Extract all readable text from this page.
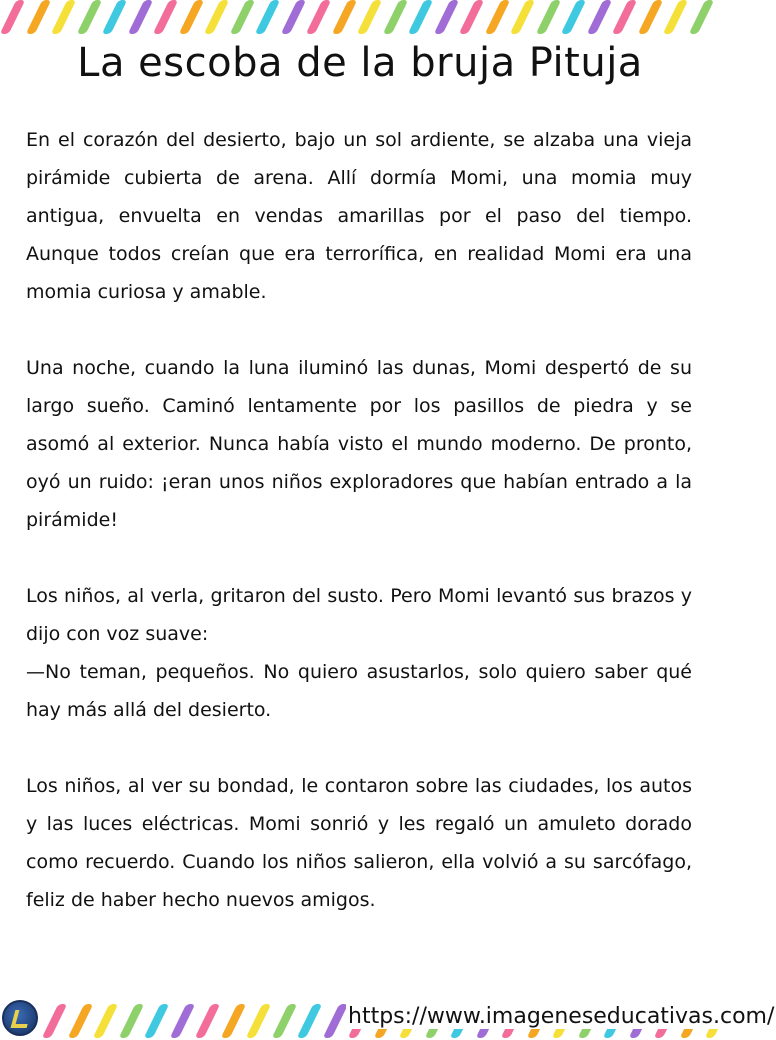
La escoba de la bruja Pituja

En el corazón del desierto, bajo un sol ardiente, se alzaba una vieja pirámide cubierta de arena. Allí dormía Momi, una momia muy antigua, envuelta en vendas amarillas por el paso del tiempo. Aunque todos creían que era terrorífica, en realidad Momi era una momia curiosa y amable.

Una noche, cuando la luna iluminó las dunas, Momi despertó de su largo sueño. Caminó lentamente por los pasillos de piedra y se asomó al exterior. Nunca había visto el mundo moderno. De pronto, oyó un ruido: ¡eran unos niños exploradores que habían entrado a la pirámide!

Los niños, al verla, gritaron del susto. Pero Momi levantó sus brazos y dijo con voz suave:

—No teman, pequeños. No quiero asustarlos, solo quiero saber qué hay más allá del desierto.

Los niños, al ver su bondad, le contaron sobre las ciudades, los autos y las luces eléctricas. Momi sonrió y les regaló un amuleto dorado como recuerdo. Cuando los niños salieron, ella volvió a su sarcófago, feliz de haber hecho nuevos amigos.

https://www.imageneseducativas.com/
